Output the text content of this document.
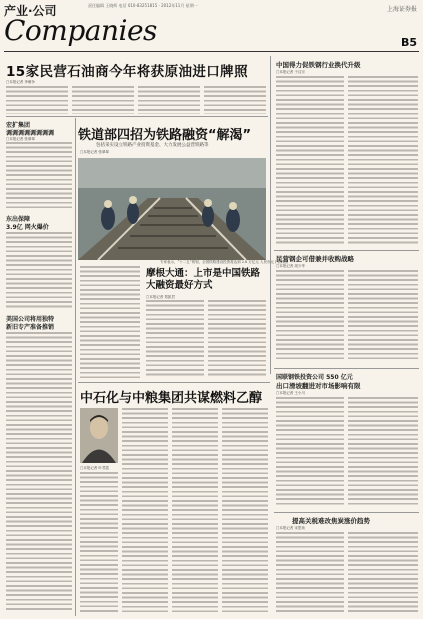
产业·公司
Companies
责任编辑 王晓辉 电话 010-83251815 · 2012年11月 星期一
上海证券报
B5
15家民营石油商今年将获原油进口牌照
□本报记者 李雁争
宏扩集团
调调调调调调调调
□本报记者 张翠翠
东出保障
3.9亿 网火爆价
美国公司将用独特
新旧专产准备推销
铁道部四招为铁路融资“解渴”
包括采实设立铁路产业投资基金、大力发展公益营铁路等
□本报记者 张翠翠
专家表示，“十二五”规划，全国铁路建设投资将达到 2.8 万亿元 人民币元 | 资料图
摩根大通：上市是中国铁路大融资最好方式
□本报记者 郑凯君
中国得力促铁钢行业换代升级
□本报记者 于汉宗
民营钢企可借兼并收购战略
□本报记者 周少华
国联钢铁投资公司 550 亿元
出口滑坡翻进对市场影响有限
□本报记者 王小川
提高关税难改焦炭涨价趋势
□本报记者 宋思扬
中石化与中粮集团共谋燃料乙醇
□本报记者 叶君霞
